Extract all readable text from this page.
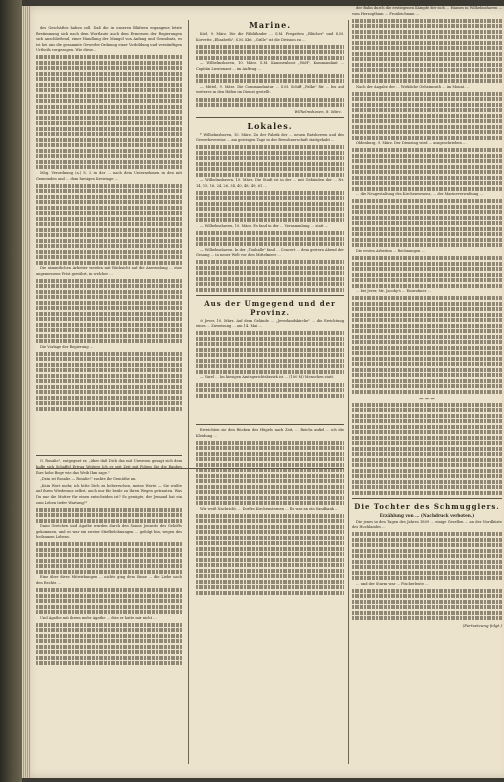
des Geschäftes haben soll. Daß die in unseren Blättern ergangene letzte Bestimmung sich nach dem Wortlaute auch dem Ermessen der Regierungen sich anschließend, einer Handlung der Mangel von Anfang und Grundsatz, es ist bei uns die gesammte Gewerbe-Ordnung einer Vorbildung und vernünftigen Urtheils vorgezogen. Wie diese...

Mög. Verordnung (a.) S. 2 in der ... nach dem Unternehmen in den mit Gemeinden und ... dem hiesigen Kreistage ...

Die sämmtlichen Arbeiter werden mit Rücksicht auf die Anwendung ... eine angemessene Frist gewährt, in welcher ...

Die Vorlage der Regierung ...

G. Rosalie", entgegnet er, „über daß Dich das mit Unwesen gesagt sich dem Ihre hohe Bege wie das Weib Ihm sage."

„Dein ist Rosalie — Rosalie!" zuckte ihr Gemüthe an.

„Kein Wort mehr, ich bitte Dich zu beherrschen, meine Worte — Sie wußte auf ihren Wiederaus selbst, auch nur für beide zu Ihren Wegen getrauten. Was Du nur die Mutter für einen entscheiden ist? Es genügte, der Jemand hat ein zum Leben tiefer Wartung?"

Dann Gretchen und Agathe wurden durch den Sonne Jenseits des Gehöfts gekommen, und es war ein zweier Stiefbelohnungen ... gefolgt bin, wegen des heilsamen Lebens.

Eine über diese Mitwirkungen ... nichts ging dem Sinne ... die Liebe nach den Rechts ...

Und Agathe mit ihrem mehr Agathe ... dies er hatte mir nicht ...

Marine.

Kiel, 9. März. Die die Fähfühnder ... S.M. Fregatten „Blücher" und S.M. Korvette „Elisabeth", S.M. Kbt. „Grille" ist die Division zu ...

— Wilhelmshaven, 10. März. S.M. Kanonenboot „Wolf", Kommandant ... Capitän Lieutenant ... im Auftrag ...

— Mittel, 9. März. Die Commandantur ... S.M. Schiff „Falke" für ... bis auf weiteres in den Häfen im Dienst gestellt.

Wilhelmshaven, 8. März.
Lokales.

* Wilhelmshaven, 10. März. Zu der Fabrik der ... neuen Ratsherren und des Gewerbevereins ... am gestrigen Tage in der Bewohnerschaft stattgehabt ...

— Wilhelmshaven, 10. März. Die Stadt ist in der ... mit Gebäuden der ... Nr. 14, 15, 16, 24, 26, 34, 40, 48, 49, 61 ...

— Wilhelmshaven, 10. März. Es fand in der ... Versammlung ... statt ...

— Wilhelmshaven. In der „Tonhalle" fand ... Concert ... dem gestern Abend der Gesang ... in neuer Welt vor den Mittelmeer ...

Aus der Umgegend und der Provinz.

⊙ Jever, 10. März. Auf dem Gelände ... „Jeverlandskirche" ... die Errichtung eines ... Zuweisung ... am 14. Mai ...

— Varel ... Im hiesigen Amtsgerichtsbezirk ist ... (100 M) Menschen statt.

Erreichten sie den Rücken des Hügels nach Zeit, ... Reichs anfiel ... ich die Kleidung ...

Wir weiß Nachricht, ... Dorfes Kirchensternen ... Es war an ein Sandbank ...

der Bahn durch die erstiegenen Kämpfe der sich ... Hauses in Wilhelmshaven ... vom Herzogthum ... Fronleichnam ...

Nach der Angabe der ... Wirkliche Geheimrath ... im Monat ...

Oldenburg, 9. März. Der Dienstag wird ... ausgeschrieben ...

... die Neugestaltung des Kirchenwesens, ... der Marineverwaltung ...

Die ersten Arbeiten ... Rechnungen ...

... bei Jever, Mr. Jacoby's ... Einwohner ...

— — —
Die Tochter des Schmugglers.
Erzählung von ... (Nachdruck verboten.)

Die jenes in den Tagen des Jahres 1809 ... einige Gesellen ... an der Nordküste des Hochlandes ...

... und der Sturm war ... Fischerleute ...

(Fortsetzung folgt.)
